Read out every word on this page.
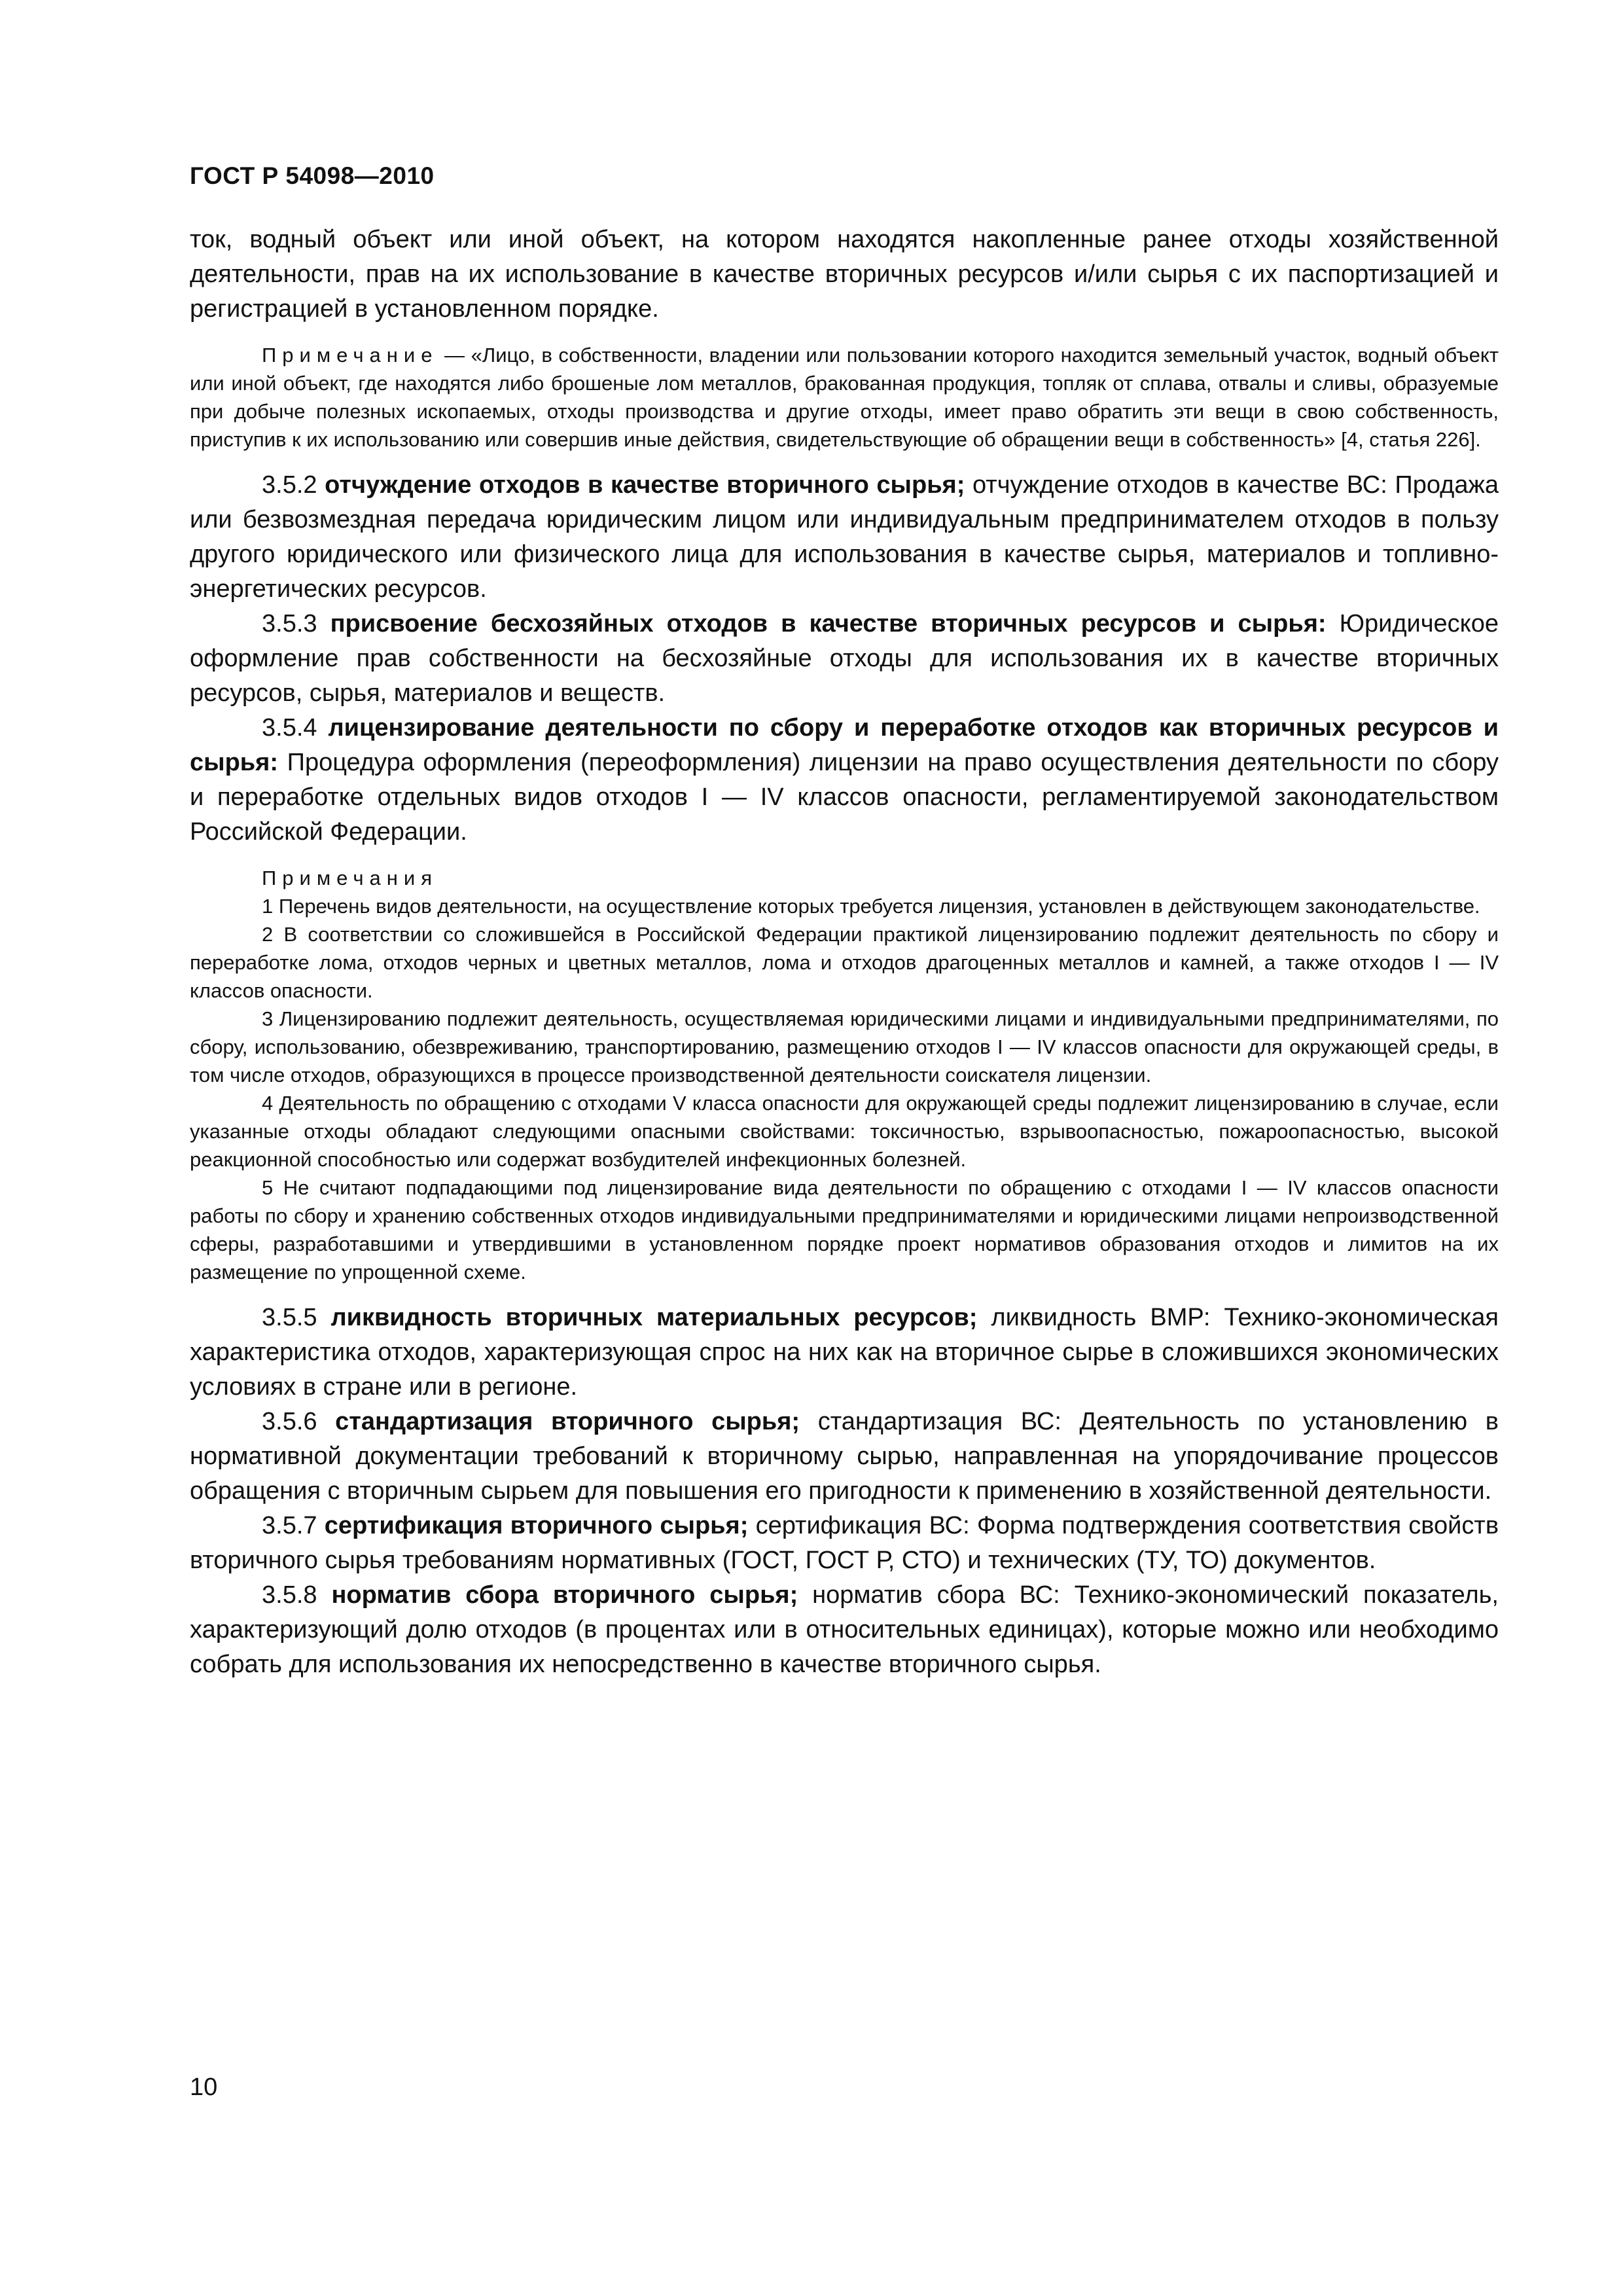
ГОСТ Р 54098—2010

ток, водный объект или иной объект, на котором находятся накопленные ранее отходы хозяйственной деятельности, прав на их использование в качестве вторичных ресурсов и/или сырья с их паспортизацией и регистрацией в установленном порядке.

Примечание — «Лицо, в собственности, владении или пользовании которого находится земельный участок, водный объект или иной объект, где находятся либо брошеные лом металлов, бракованная продукция, топляк от сплава, отвалы и сливы, образуемые при добыче полезных ископаемых, отходы производства и другие отходы, имеет право обратить эти вещи в свою собственность, приступив к их использованию или совершив иные действия, свидетельствующие об обращении вещи в собственность» [4, статья 226].

3.5.2 отчуждение отходов в качестве вторичного сырья; отчуждение отходов в качестве ВС: Продажа или безвозмездная передача юридическим лицом или индивидуальным предпринимателем отходов в пользу другого юридического или физического лица для использования в качестве сырья, материалов и топливно-энергетических ресурсов.

3.5.3 присвоение бесхозяйных отходов в качестве вторичных ресурсов и сырья: Юридическое оформление прав собственности на бесхозяйные отходы для использования их в качестве вторичных ресурсов, сырья, материалов и веществ.

3.5.4 лицензирование деятельности по сбору и переработке отходов как вторичных ресурсов и сырья: Процедура оформления (переоформления) лицензии на право осуществления деятельности по сбору и переработке отдельных видов отходов I — IV классов опасности, регламентируемой законодательством Российской Федерации.

Примечания

1 Перечень видов деятельности, на осуществление которых требуется лицензия, установлен в действующем законодательстве.

2 В соответствии со сложившейся в Российской Федерации практикой лицензированию подлежит деятельность по сбору и переработке лома, отходов черных и цветных металлов, лома и отходов драгоценных металлов и камней, а также отходов I — IV классов опасности.

3 Лицензированию подлежит деятельность, осуществляемая юридическими лицами и индивидуальными предпринимателями, по сбору, использованию, обезвреживанию, транспортированию, размещению отходов I — IV классов опасности для окружающей среды, в том числе отходов, образующихся в процессе производственной деятельности соискателя лицензии.

4 Деятельность по обращению с отходами V класса опасности для окружающей среды подлежит лицензированию в случае, если указанные отходы обладают следующими опасными свойствами: токсичностью, взрывоопасностью, пожароопасностью, высокой реакционной способностью или содержат возбудителей инфекционных болезней.

5 Не считают подпадающими под лицензирование вида деятельности по обращению с отходами I — IV классов опасности работы по сбору и хранению собственных отходов индивидуальными предпринимателями и юридическими лицами непроизводственной сферы, разработавшими и утвердившими в установленном порядке проект нормативов образования отходов и лимитов на их размещение по упрощенной схеме.

3.5.5 ликвидность вторичных материальных ресурсов; ликвидность ВМР: Технико-экономическая характеристика отходов, характеризующая спрос на них как на вторичное сырье в сложившихся экономических условиях в стране или в регионе.

3.5.6 стандартизация вторичного сырья; стандартизация ВС: Деятельность по установлению в нормативной документации требований к вторичному сырью, направленная на упорядочивание процессов обращения с вторичным сырьем для повышения его пригодности к применению в хозяйственной деятельности.

3.5.7 сертификация вторичного сырья; сертификация ВС: Форма подтверждения соответствия свойств вторичного сырья требованиям нормативных (ГОСТ, ГОСТ Р, СТО) и технических (ТУ, ТО) документов.

3.5.8 норматив сбора вторичного сырья; норматив сбора ВС: Технико-экономический показатель, характеризующий долю отходов (в процентах или в относительных единицах), которые можно или необходимо собрать для использования их непосредственно в качестве вторичного сырья.

10
